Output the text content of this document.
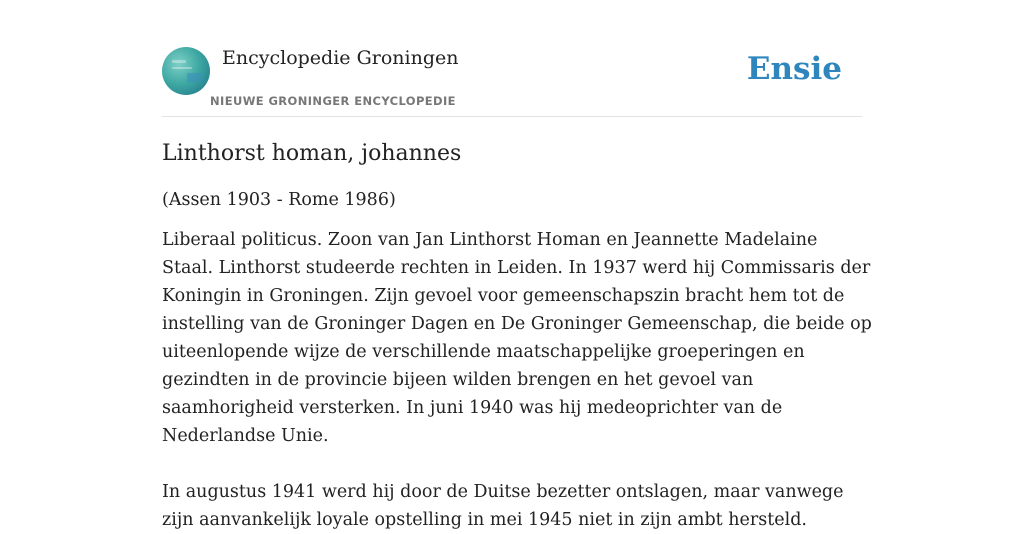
Encyclopedie Groningen
NIEUWE GRONINGER ENCYCLOPEDIE
Ensie
Linthorst homan, johannes

(Assen 1903 - Rome 1986)

Liberaal politicus. Zoon van Jan Linthorst Homan en Jeannette Madelaine Staal. Linthorst studeerde rechten in Leiden. In 1937 werd hij Commissaris der Koningin in Groningen. Zijn gevoel voor gemeenschapszin bracht hem tot de instelling van de Groninger Dagen en De Groninger Gemeenschap, die beide op uiteenlopende wijze de verschillende maatschappelijke groeperingen en gezindten in de provincie bijeen wilden brengen en het gevoel van saamhorigheid versterken. In juni 1940 was hij medeoprichter van de Nederlandse Unie.

In augustus 1941 werd hij door de Duitse bezetter ontslagen, maar vanwege zijn aanvankelijk loyale opstelling in mei 1945 niet in zijn ambt hersteld.
